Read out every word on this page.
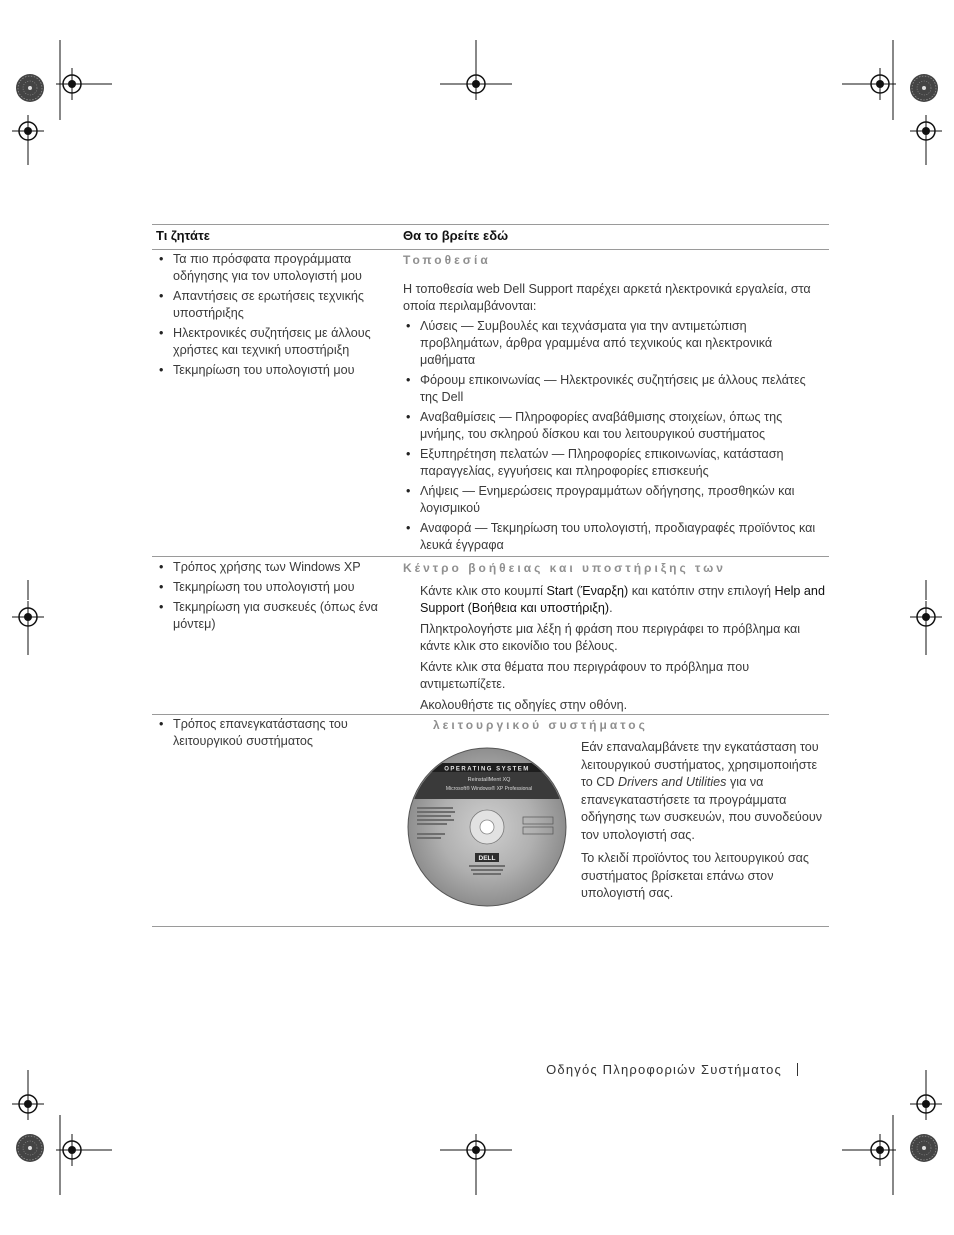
Τι ζητάτε	Θα το βρείτε εδώ
• Τα πιο πρόσφατα προγράμματα οδήγησης για τον υπολογιστή μου
• Απαντήσεις σε ερωτήσεις τεχνικής υποστήριξης
• Ηλεκτρονικές συζητήσεις με άλλους χρήστες και τεχνική υποστήριξη
• Τεκμηρίωση του υπολογιστή μου
Τοποθεσία

Η τοποθεσία web Dell Support παρέχει αρκετά ηλεκτρονικά εργαλεία, στα οποία περιλαμβάνονται:

• Λύσεις — Συμβουλές και τεχνάσματα για την αντιμετώπιση προβλημάτων, άρθρα γραμμένα από τεχνικούς και ηλεκτρονικά μαθήματα
• Φόρουμ επικοινωνίας — Ηλεκτρονικές συζητήσεις με άλλους πελάτες της Dell
• Αναβαθμίσεις — Πληροφορίες αναβάθμισης στοιχείων, όπως της μνήμης, του σκληρού δίσκου και του λειτουργικού συστήματος
• Εξυπηρέτηση πελατών — Πληροφορίες επικοινωνίας, κατάσταση παραγγελίας, εγγυήσεις και πληροφορίες επισκευής
• Λήψεις — Ενημερώσεις προγραμμάτων οδήγησης, προσθηκών και λογισμικού
• Αναφορά — Τεκμηρίωση του υπολογιστή, προδιαγραφές προϊόντος και λευκά έγγραφα
• Τρόπος χρήσης των Windows XP
• Τεκμηρίωση του υπολογιστή μου
• Τεκμηρίωση για συσκευές (όπως ένα μόντεμ)
Κέντρο βοήθειας και υποστήριξης των

Κάντε κλικ στο κουμπί Start (Έναρξη) και κατόπιν στην επιλογή Help and Support (Βοήθεια και υποστήριξη).

Πληκτρολογήστε μια λέξη ή φράση που περιγράφει το πρόβλημα και κάντε κλικ στο εικονίδιο του βέλους.

Κάντε κλικ στα θέματα που περιγράφουν το πρόβλημα που αντιμετωπίζετε.

Ακολουθήστε τις οδηγίες στην οθόνη.

• Τρόπος επανεγκατάστασης του λειτουργικού συστήματος
λειτουργικού συστήματος
OPERATING SYSTEM
ReinstallMent XQ
Microsoft® Windows® XP Professional
DELL

Εάν επαναλαμβάνετε την εγκατάσταση του λειτουργικού συστήματος, χρησιμοποιήστε το CD Drivers and Utilities για να επανεγκαταστήσετε τα προγράμματα οδήγησης των συσκευών, που συνοδεύουν τον υπολογιστή σας.

Το κλειδί προϊόντος του λειτουργικού σας συστήματος βρίσκεται επάνω στον υπολογιστή σας.

Οδηγός Πληροφοριών Συστήματος
